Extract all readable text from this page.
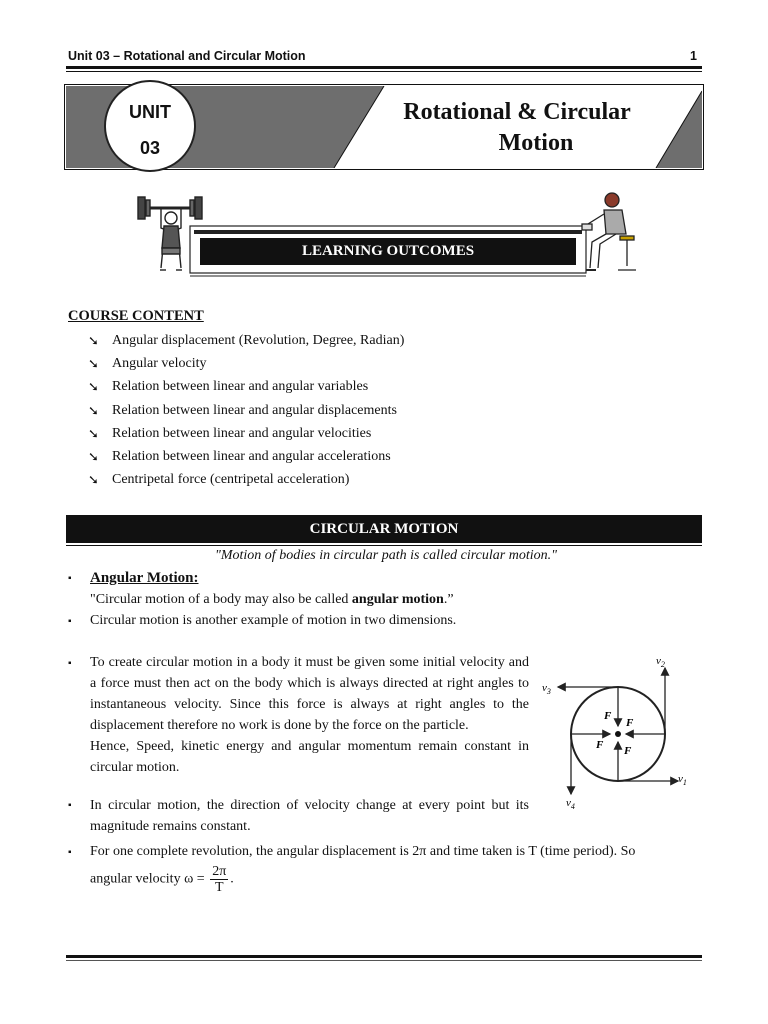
Unit 03 – Rotational and Circular Motion	1
UNIT
03
Rotational & Circular
Motion
LEARNING OUTCOMES
COURSE CONTENT
➘ Angular displacement (Revolution, Degree, Radian)
➘ Angular velocity
➘ Relation between linear and angular variables
➘ Relation between linear and angular displacements
➘ Relation between linear and angular velocities
➘ Relation between linear and angular accelerations
➘ Centripetal force (centripetal acceleration)
CIRCULAR MOTION
"Motion of bodies in circular path is called circular motion."
▪ Angular Motion:
"Circular motion of a body may also be called angular motion.”
▪ Circular motion is another example of motion in two dimensions.
▪ To create circular motion in a body it must be given some initial velocity and a force must then act on the body which is always directed at right angles to instantaneous velocity. Since this force is always at right angles to the displacement therefore no work is done by the force on the particle.
Hence, Speed, kinetic energy and angular momentum remain constant in circular motion.
▪ In circular motion, the direction of velocity change at every point but its magnitude remains constant.
▪ For one complete revolution, the angular displacement is 2π and time taken is T (time period). So
angular velocity $\omega = \frac{2\pi}{T}$ .
$v_2$
$v_3$
$v_1$
$v_4$
F
F
F F
